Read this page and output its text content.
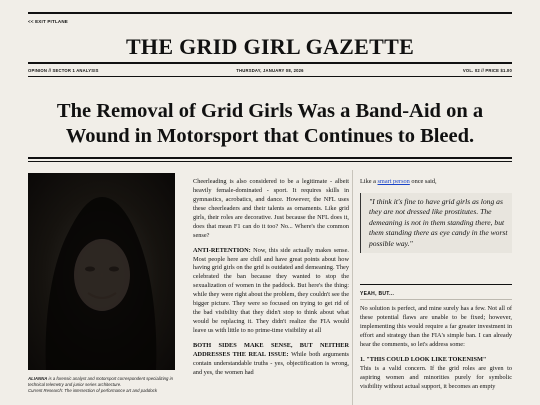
<< EXIT PITLANE
THE GRID GIRL GAZETTE
OPINION // SECTOR 1 ANALYSIS	THURSDAY, JANUARY 08, 2026	VOL. 02 // PRICE $1.00
The Removal of Grid Girls Was a Band-Aid on a Wound in Motorsport that Continues to Bleed.
ALIANNA is a forensic analyst and motorsport correspondent specializing in technical telemetry and junior series architecture.
Current Research: The intersection of performance art and paddock

Cheerleading is also considered to be a legitimate - albeit heavily female-dominated - sport. It requires skills in gymnastics, acrobatics, and dance. However, the NFL uses these cheerleaders and their talents as ornaments. Like grid girls, their roles are decorative. Just because the NFL does it, does that mean F1 can do it too? No... Where's the common sense?

ANTI-RETENTION: Now, this side actually makes sense. Most people here are chill and have great points about how having grid girls on the grid is outdated and demeaning. They celebrated the ban because they wanted to stop the sexualization of women in the paddock. But here's the thing: while they were right about the problem, they couldn't see the bigger picture. They were so focused on trying to get rid of the bad visibility that they didn't stop to think about what would be replacing it. They didn't realize the FIA would leave us with little to no prime-time visibility at all

BOTH SIDES MAKE SENSE, BUT NEITHER ADDRESSES THE REAL ISSUE: While both arguments contain understandable truths - yes, objectification is wrong, and yes, the women had

Like a smart person once said,
"I think it's fine to have grid girls as long as they are not dressed like prostitutes. The demeaning is not in them standing there, but them standing there as eye candy in the worst possible way."
YEAH, BUT...

No solution is perfect, and mine surely has a few. Not all of these potential flaws are unable to be fixed; however, implementing this would require a far greater investment in effort and strategy than the FIA's simple ban. I can already hear the comments, so let's address some:

1. "THIS COULD LOOK LIKE TOKENISM"
This is a valid concern. If the grid roles are given to aspiring women and minorities purely for symbolic visibility without actual support, it becomes an empty
